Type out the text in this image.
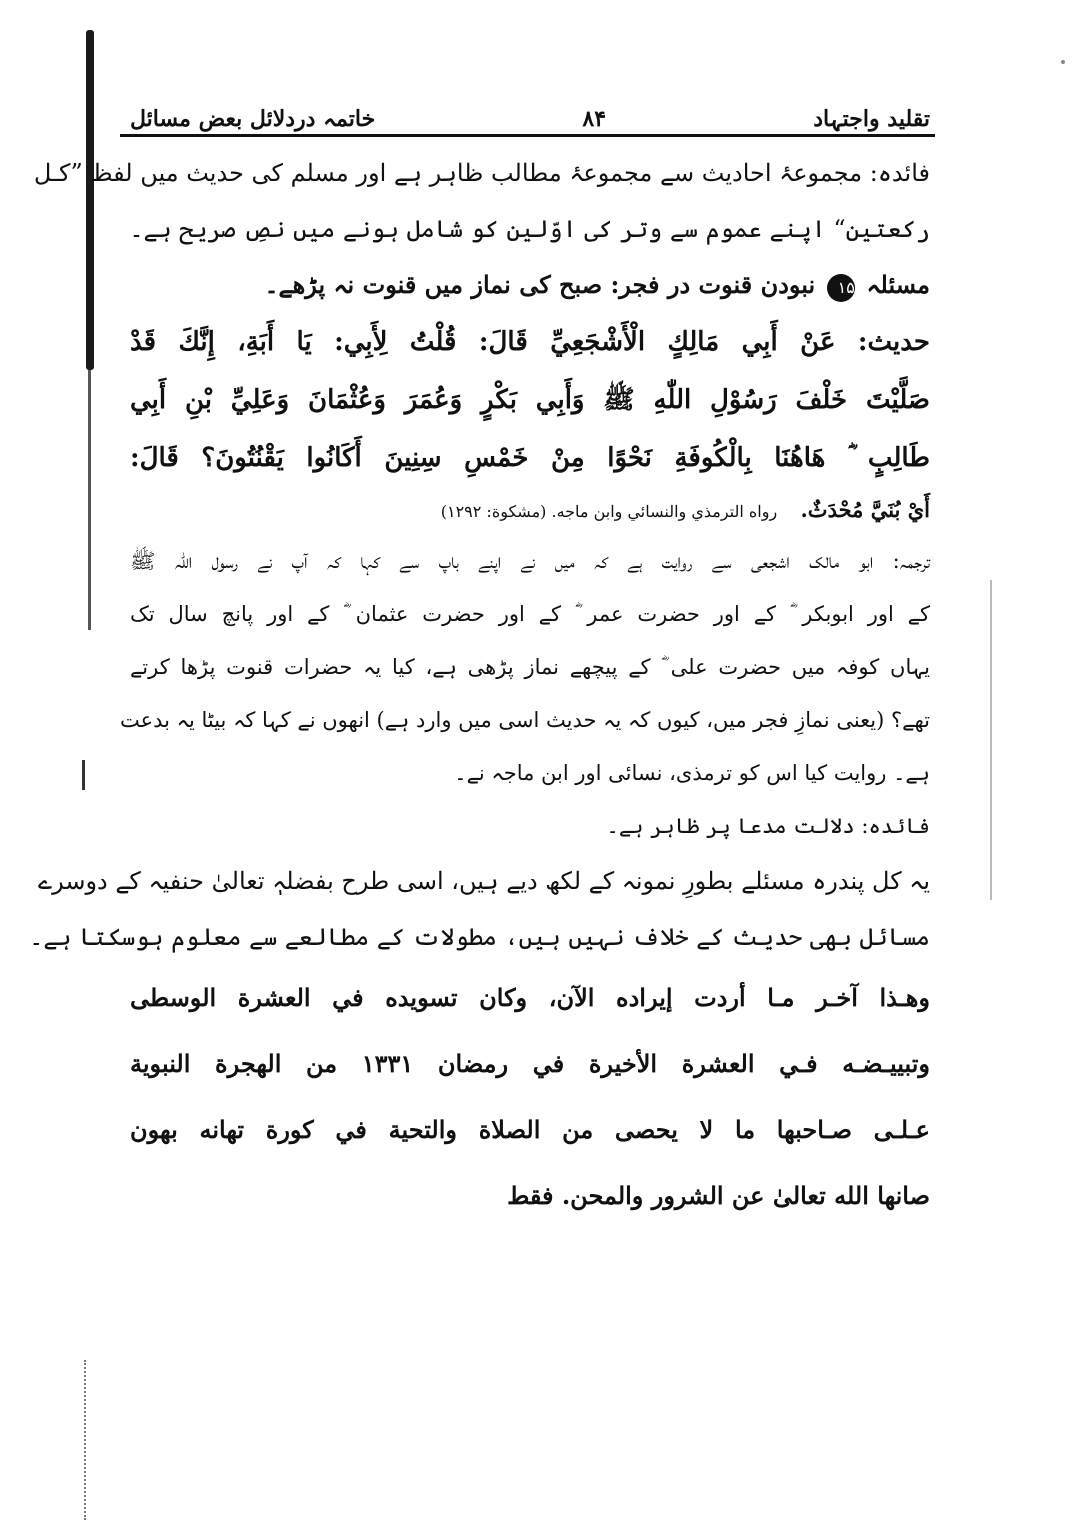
تقلید واجتہاد
۸۴
خاتمہ دردلائل بعض مسائل
فائدہ: مجموعۂ احادیث سے مجموعۂ مطالب ظاہر ہے اور مسلم کی حدیث میں لفظ ”کـل
رکعتین“ اپنے عموم سے وتر کی اوّلین کو شامل ہونے میں نصِ صریح ہے۔
مسئلہ ۱۵ نبودن قنوت در فجر: صبح کی نماز میں قنوت نہ پڑھے۔
حدیث: عَنْ أَبِي مَالِكٍ الْأَشْجَعِيِّ قَالَ: قُلْتُ لِأَبِي: يَا أَبَةِ، إِنَّكَ قَدْ
صَلَّيْتَ خَلْفَ رَسُوْلِ اللّٰهِ ﷺ وَأَبِي بَكْرٍ وَعُمَرَ وَعُثْمَانَ وَعَلِيِّ بْنِ أَبِي
طَالِبٍ ؓ هَاهُنَا بِالْكُوفَةِ نَحْوًا مِنْ خَمْسِ سِنِينَ أَكَانُوا يَقْنُتُونَ؟ قَالَ:
أَيْ بُنَيَّ مُحْدَثٌ. رواه الترمذي والنسائي وابن ماجه. (مشكوة: ۱۲۹۲)
ترجمہ: ابو مالک اشجعی سے روایت ہے کہ میں نے اپنے باپ سے کہا کہ آپ نے رسول اللہ ﷺ
کے اور ابوبکر ؓ کے اور حضرت عمر ؓ کے اور حضرت عثمان ؓ کے اور پانچ سال تک
یہاں کوفہ میں حضرت علی ؓ کے پیچھے نماز پڑھی ہے، کیا یہ حضرات قنوت پڑھا کرتے
تھے؟ (یعنی نمازِ فجر میں، کیوں کہ یہ حدیث اسی میں وارد ہے) انھوں نے کہا کہ بیٹا یہ بدعت
ہے۔ روایت کیا اس کو ترمذی، نسائی اور ابن ماجہ نے۔
فائدہ: دلالت مدعا پر ظاہر ہے۔
یہ کل پندرہ مسئلے بطورِ نمونہ کے لکھ دیے ہیں، اسی طرح بفضلہٖ تعالیٰ حنفیہ کے دوسرے
مسائل بھی حدیث کے خلاف نہیں ہیں، مطولات کے مطالعے سے معلوم ہوسکتا ہے۔
وهـذا آخـر مـا أردت إيراده الآن، وكان تسويده في العشرة الوسطى
وتبييـضـه فـي العشرة الأخيرة في رمضان ۱۳۳۱ من الهجرة النبوية
عـلـى صـاحبها ما لا يحصى من الصلاة والتحية في كورة تهانه بهون
صانها الله تعالىٰ عن الشرور والمحن. فقط
